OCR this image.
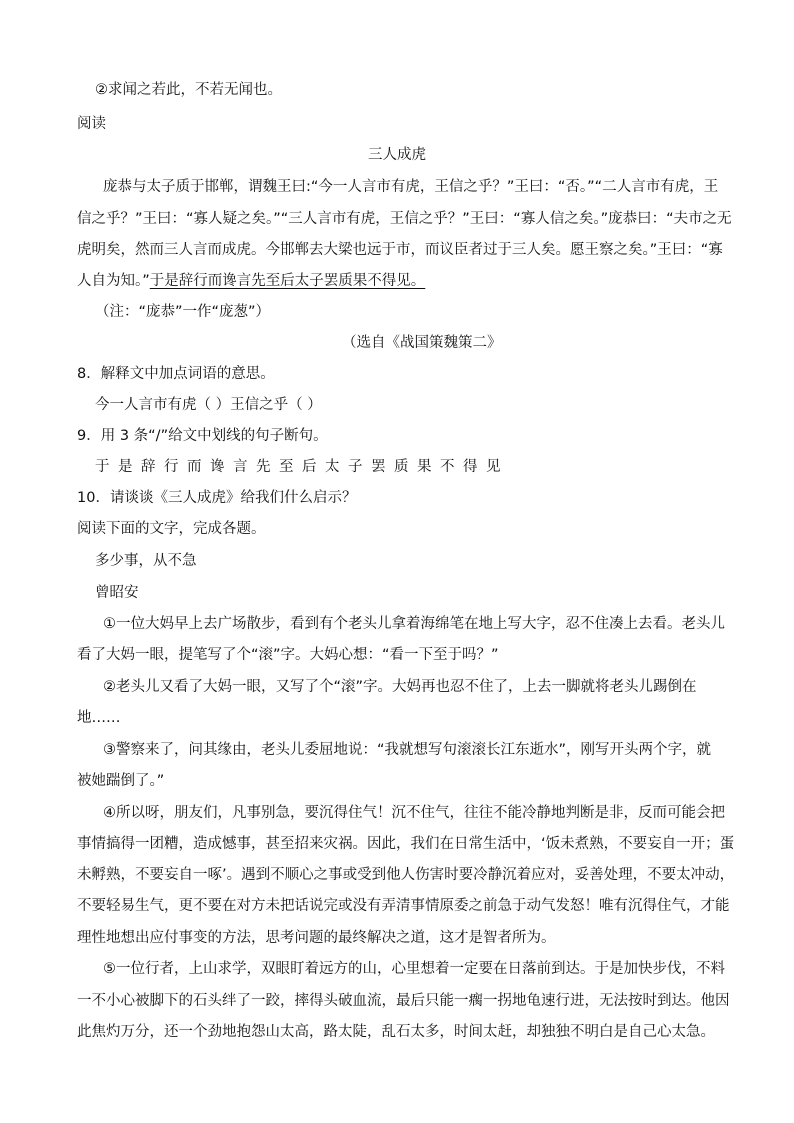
②求闻之若此，不若无闻也。
阅读
三人成虎
庞恭与太子质于邯郸，谓魏王曰:“今一人言市有虎，王信之乎？”王曰：“否。”“二人言市有虎，王
信之乎？”王曰：“寡人疑之矣。”“三人言市有虎，王信之乎？”王曰：“寡人信之矣。”庞恭曰：“夫市之无
虎明矣，然而三人言而成虎。今邯郸去大梁也远于市，而议臣者过于三人矣。愿王察之矣。”王曰：“寡
人自为知。”于是辞行而谗言先至后太子罢质果不得见。
（注：“庞恭”一作“庞葱”）
（选自《战国策魏策二》
8．解释文中加点词语的意思。
今一人言市有虎（ ）王信之乎（ ）
9．用 3 条“/”给文中划线的句子断句。
于是辞行而谗言先至后太子罢质果不得见
10．请谈谈《三人成虎》给我们什么启示？
阅读下面的文字，完成各题。
多少事，从不急
曾昭安
①一位大妈早上去广场散步，看到有个老头儿拿着海绵笔在地上写大字，忍不住凑上去看。老头儿
看了大妈一眼，提笔写了个“滚”字。大妈心想：“看一下至于吗？”
②老头儿又看了大妈一眼，又写了个“滚”字。大妈再也忍不住了，上去一脚就将老头儿踢倒在
地……
③警察来了，问其缘由，老头儿委屈地说：“我就想写句滚滚长江东逝水”，刚写开头两个字，就
被她踹倒了。”
④所以呀，朋友们，凡事别急，要沉得住气！沉不住气，往往不能冷静地判断是非，反而可能会把
事情搞得一团糟，造成憾事，甚至招来灾祸。因此，我们在日常生活中，‘饭未煮熟，不要妄自一开；蛋
未孵熟，不要妄自一啄’。遇到不顺心之事或受到他人伤害时要冷静沉着应对，妥善处理，不要太冲动，
不要轻易生气，更不要在对方未把话说完或没有弄清事情原委之前急于动气发怒！唯有沉得住气，才能
理性地想出应付事变的方法，思考问题的最终解决之道，这才是智者所为。
⑤一位行者，上山求学，双眼盯着远方的山，心里想着一定要在日落前到达。于是加快步伐，不料
一不小心被脚下的石头绊了一跤，摔得头破血流，最后只能一瘸一拐地龟速行进，无法按时到达。他因
此焦灼万分，还一个劲地抱怨山太高，路太陡，乱石太多，时间太赶，却独独不明白是自己心太急。
